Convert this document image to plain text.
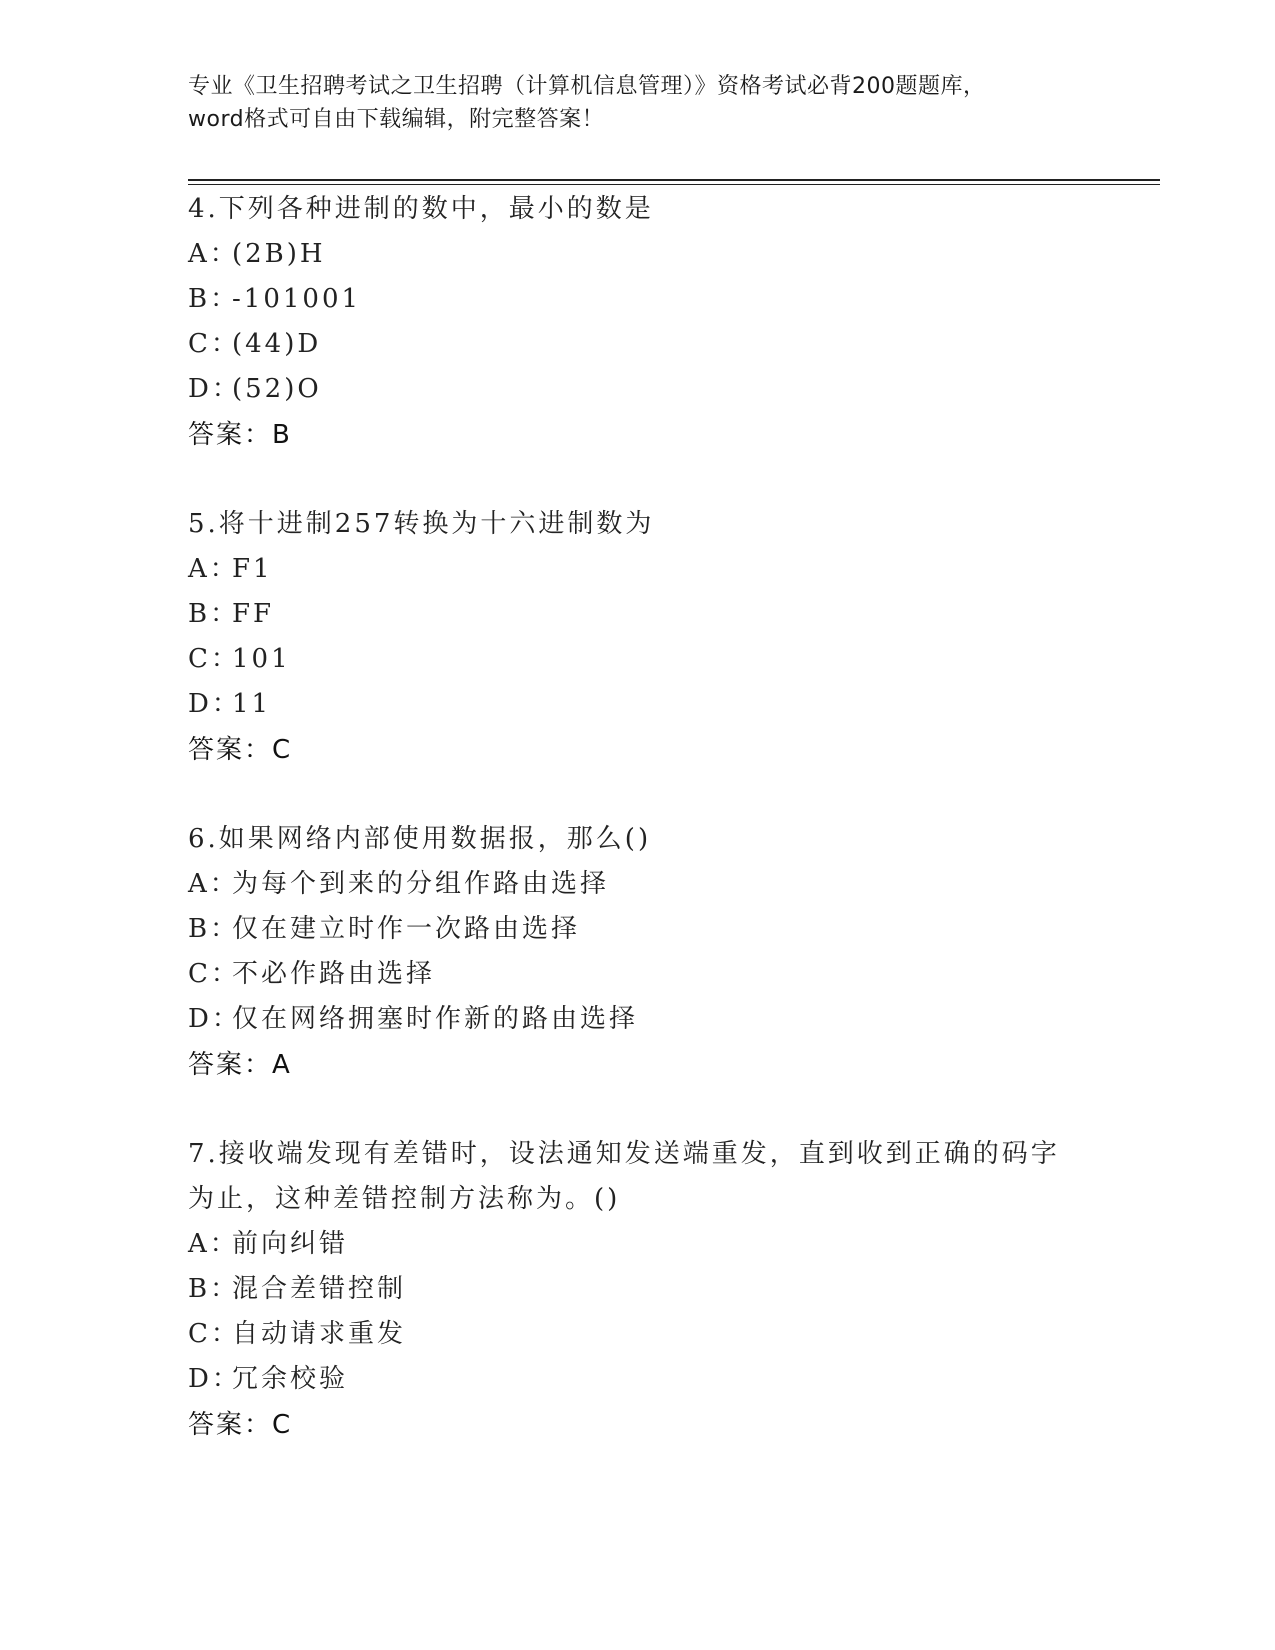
专业《卫生招聘考试之卫生招聘（计算机信息管理）》资格考试必背200题题库，
word格式可自由下载编辑，附完整答案！
4.下列各种进制的数中，最小的数是
A：(2B)H
B：-101001
C：(44)D
D：(52)O
答案：B
5.将十进制257转换为十六进制数为
A：F1
B：FF
C：101
D：11
答案：C
6.如果网络内部使用数据报，那么()
A：为每个到来的分组作路由选择
B：仅在建立时作一次路由选择
C：不必作路由选择
D：仅在网络拥塞时作新的路由选择
答案：A
7.接收端发现有差错时，设法通知发送端重发，直到收到正确的码字为止，这种差错控制方法称为。()
A：前向纠错
B：混合差错控制
C：自动请求重发
D：冗余校验
答案：C
